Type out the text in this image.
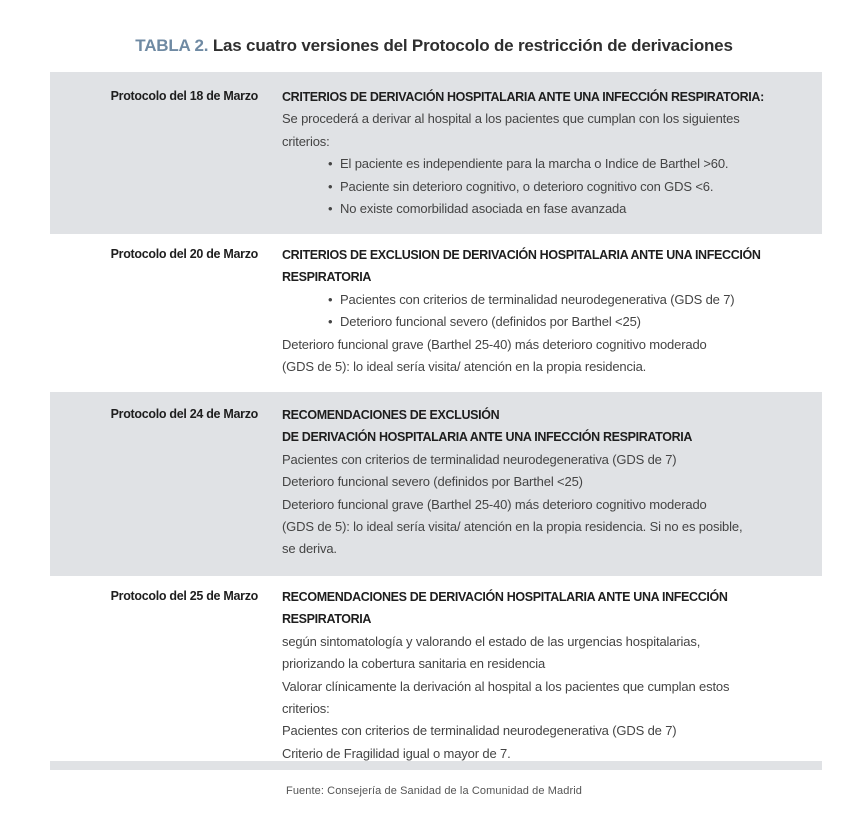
TABLA 2. Las cuatro versiones del Protocolo de restricción de derivaciones
Protocolo del 18 de Marzo CRITERIOS DE DERIVACIÓN HOSPITALARIA ANTE UNA INFECCIÓN RESPIRATORIA:
Se procederá a derivar al hospital a los pacientes que cumplan con los siguientes
criterios:
• El paciente es independiente para la marcha o Indice de Barthel >60.
• Paciente sin deterioro cognitivo, o deterioro cognitivo con GDS <6.
• No existe comorbilidad asociada en fase avanzada
Protocolo del 20 de Marzo CRITERIOS DE EXCLUSION DE DERIVACIÓN HOSPITALARIA ANTE UNA INFECCIÓN
RESPIRATORIA
• Pacientes con criterios de terminalidad neurodegenerativa (GDS de 7)
• Deterioro funcional severo (definidos por Barthel <25)
Deterioro funcional grave (Barthel 25-40) más deterioro cognitivo moderado
(GDS de 5): lo ideal sería visita/ atención en la propia residencia.
Protocolo del 24 de Marzo RECOMENDACIONES DE EXCLUSIÓN
DE DERIVACIÓN HOSPITALARIA ANTE UNA INFECCIÓN RESPIRATORIA
Pacientes con criterios de terminalidad neurodegenerativa (GDS de 7)
Deterioro funcional severo (definidos por Barthel <25)
Deterioro funcional grave (Barthel 25-40) más deterioro cognitivo moderado
(GDS de 5): lo ideal sería visita/ atención en la propia residencia. Si no es posible,
se deriva.
Protocolo del 25 de Marzo RECOMENDACIONES DE DERIVACIÓN HOSPITALARIA ANTE UNA INFECCIÓN
RESPIRATORIA
según sintomatología y valorando el estado de las urgencias hospitalarias,
priorizando la cobertura sanitaria en residencia
Valorar clínicamente la derivación al hospital a los pacientes que cumplan estos
criterios:
Pacientes con criterios de terminalidad neurodegenerativa (GDS de 7)
Criterio de Fragilidad igual o mayor de 7.
Fuente: Consejería de Sanidad de la Comunidad de Madrid
